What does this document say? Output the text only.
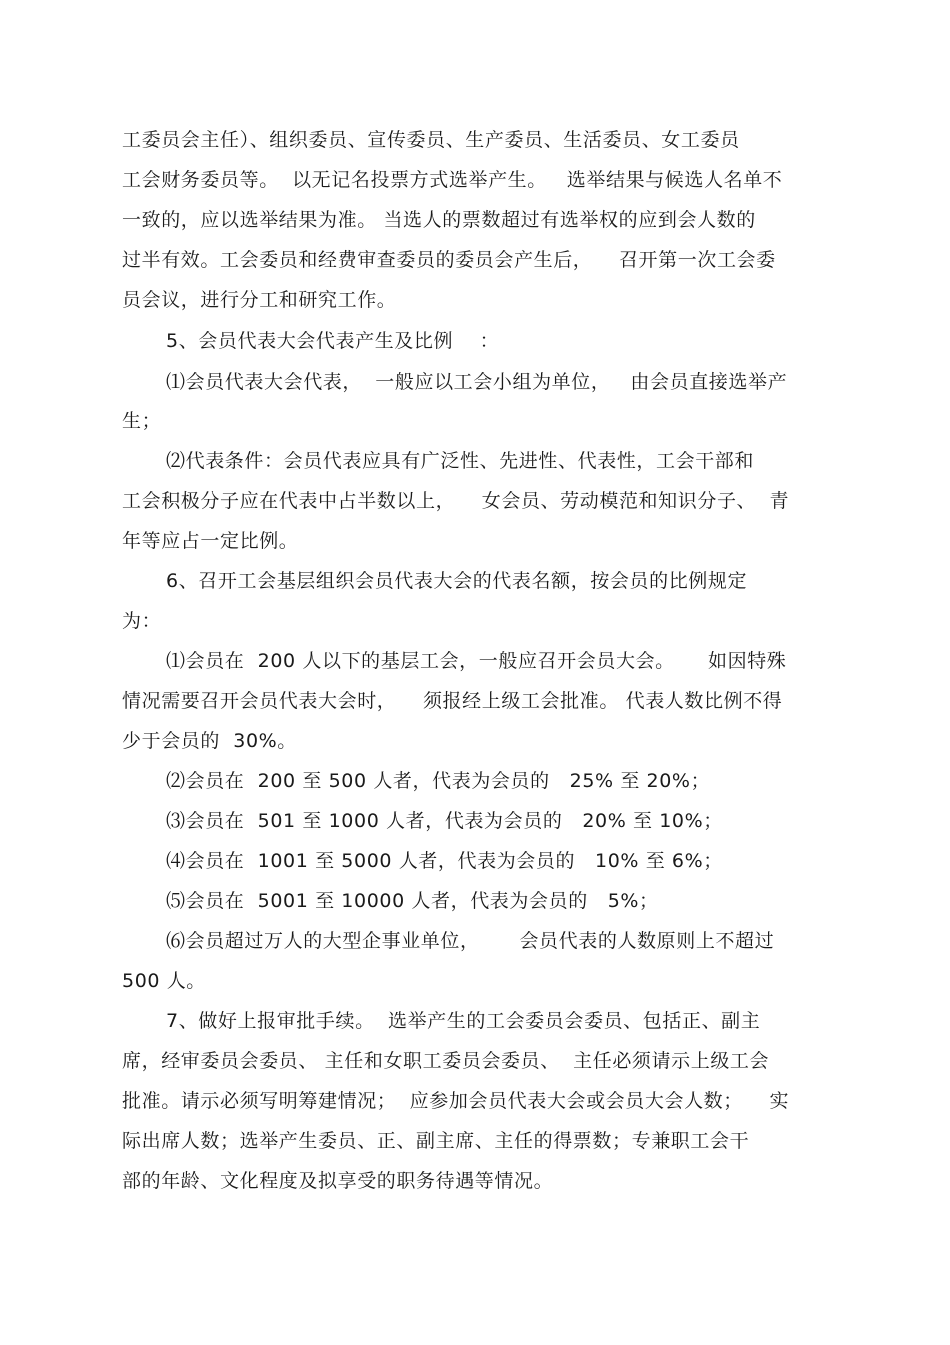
工委员会主任）、组织委员、宣传委员、生产委员、生活委员、女工委员
工会财务委员等。  以无记名投票方式选举产生。   选举结果与候选人名单不
一致的，应以选举结果为准。 当选人的票数超过有选举权的应到会人数的
过半有效。工会委员和经费审查委员的委员会产生后，    召开第一次工会委
员会议，进行分工和研究工作。
5、会员代表大会代表产生及比例    ：
⑴会员代表大会代表，  一般应以工会小组为单位，   由会员直接选举产
生；
⑵代表条件：会员代表应具有广泛性、先进性、代表性，工会干部和
工会积极分子应在代表中占半数以上，    女会员、劳动模范和知识分子、  青
年等应占一定比例。
6、召开工会基层组织会员代表大会的代表名额，按会员的比例规定
为：
⑴会员在  200 人以下的基层工会，一般应召开会员大会。     如因特殊
情况需要召开会员代表大会时，    须报经上级工会批准。 代表人数比例不得
少于会员的  30%。
⑵会员在  200 至 500 人者，代表为会员的   25% 至 20%；
⑶会员在  501 至 1000 人者，代表为会员的   20% 至 10%；
⑷会员在  1001 至 5000 人者，代表为会员的   10% 至 6%；
⑸会员在  5001 至 10000 人者，代表为会员的   5%；
⑹会员超过万人的大型企事业单位，      会员代表的人数原则上不超过
500 人。
7、做好上报审批手续。  选举产生的工会委员会委员、包括正、副主
席，经审委员会委员、 主任和女职工委员会委员、  主任必须请示上级工会
批准。请示必须写明筹建情况；  应参加会员代表大会或会员大会人数；    实
际出席人数；选举产生委员、正、副主席、主任的得票数；专兼职工会干
部的年龄、文化程度及拟享受的职务待遇等情况。
